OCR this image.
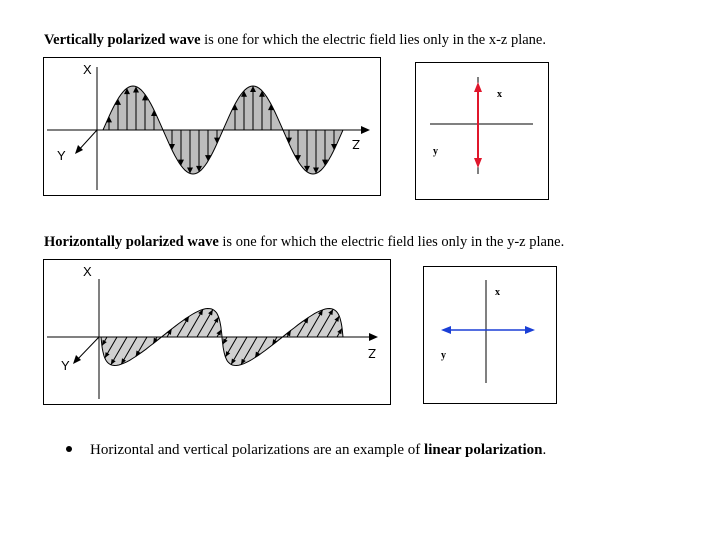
Vertically polarized wave is one for which the electric field lies only in the x-z plane.
X
Y
Z
x
y
Horizontally polarized wave is one for which the electric field lies only in the y-z plane.
X
Y
Z
x
y
Horizontal and vertical polarizations are an example of linear polarization.
